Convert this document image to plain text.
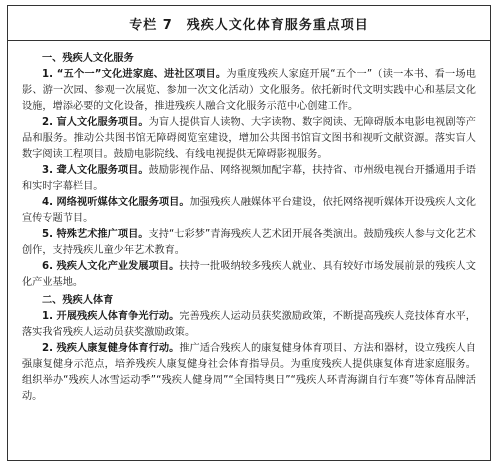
专栏 7 残疾人文化体育服务重点项目
一、残疾人文化服务

1. “五个一”文化进家庭、进社区项目。为重度残疾人家庭开展“五个一”（读一本书、看一场电影、游一次园、参观一次展览、参加一次文化活动）文化服务。依托新时代文明实践中心和基层文化设施，增添必要的文化设备，推进残疾人融合文化服务示范中心创建工作。

2. 盲人文化服务项目。为盲人提供盲人读物、大字读物、数字阅读、无障碍版本电影电视剧等产品和服务。推动公共图书馆无障碍阅览室建设，增加公共图书馆盲文图书和视听文献资源。落实盲人数字阅读工程项目。鼓励电影院线、有线电视提供无障碍影视服务。

3. 聋人文化服务项目。鼓励影视作品、网络视频加配字幕，扶持省、市州级电视台开播通用手语和实时字幕栏目。

4. 网络视听媒体文化服务项目。加强残疾人融媒体平台建设，依托网络视听媒体开设残疾人文化宣传专题节目。

5. 特殊艺术推广项目。支持“七彩梦”青海残疾人艺术团开展各类演出。鼓励残疾人参与文化艺术创作，支持残疾儿童少年艺术教育。

6. 残疾人文化产业发展项目。扶持一批吸纳较多残疾人就业、具有较好市场发展前景的残疾人文化产业基地。

二、残疾人体育

1. 开展残疾人体育争光行动。完善残疾人运动员获奖激励政策，不断提高残疾人竞技体育水平，落实我省残疾人运动员获奖激励政策。

2. 残疾人康复健身体育行动。推广适合残疾人的康复健身体育项目、方法和器材，设立残疾人自强康复健身示范点，培养残疾人康复健身社会体育指导员。为重度残疾人提供康复体育进家庭服务。组织举办“残疾人冰雪运动季”“残疾人健身周”“全国特奥日”“残疾人环青海湖自行车赛”等体育品牌活动。
